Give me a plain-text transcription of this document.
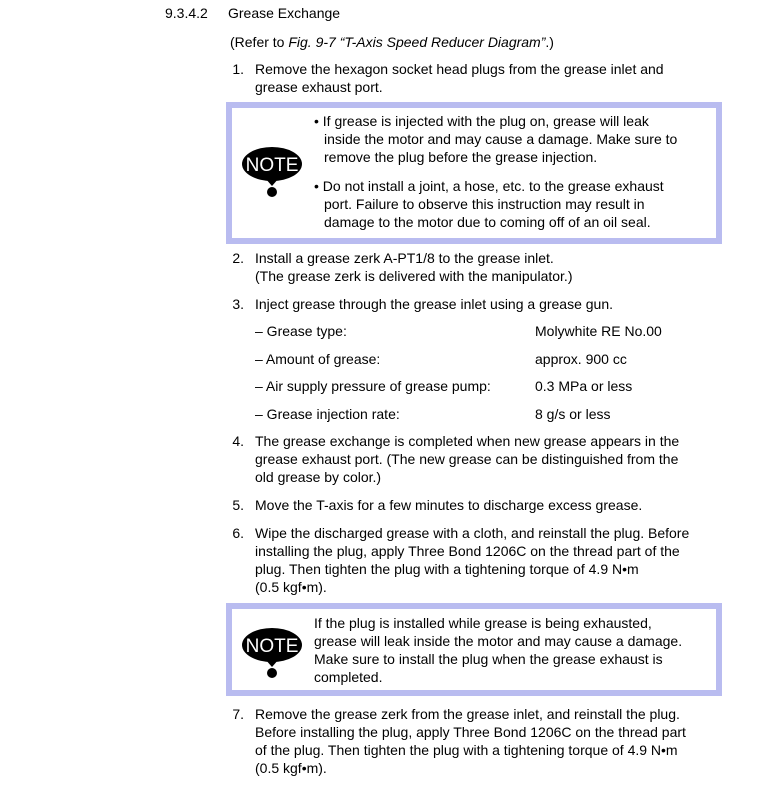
9.3.4.2 Grease Exchange
(Refer to Fig. 9-7 “T-Axis Speed Reducer Diagram”.)
1. Remove the hexagon socket head plugs from the grease inlet and
grease exhaust port.
NOTE
• If grease is injected with the plug on, grease will leak
inside the motor and may cause a damage. Make sure to
remove the plug before the grease injection.
• Do not install a joint, a hose, etc. to the grease exhaust
port. Failure to observe this instruction may result in
damage to the motor due to coming off of an oil seal.
2. Install a grease zerk A-PT1/8 to the grease inlet.
(The grease zerk is delivered with the manipulator.)
3. Inject grease through the grease inlet using a grease gun.
– Grease type:	Molywhite RE No.00
– Amount of grease:	approx. 900 cc
– Air supply pressure of grease pump:	0.3 MPa or less
– Grease injection rate:	8 g/s or less
4. The grease exchange is completed when new grease appears in the
grease exhaust port. (The new grease can be distinguished from the
old grease by color.)
5. Move the T-axis for a few minutes to discharge excess grease.
6. Wipe the discharged grease with a cloth, and reinstall the plug. Before
installing the plug, apply Three Bond 1206C on the thread part of the
plug. Then tighten the plug with a tightening torque of 4.9 N•m
(0.5 kgf•m).
NOTE
If the plug is installed while grease is being exhausted,
grease will leak inside the motor and may cause a damage.
Make sure to install the plug when the grease exhaust is
completed.
7. Remove the grease zerk from the grease inlet, and reinstall the plug.
Before installing the plug, apply Three Bond 1206C on the thread part
of the plug. Then tighten the plug with a tightening torque of 4.9 N•m
(0.5 kgf•m).
